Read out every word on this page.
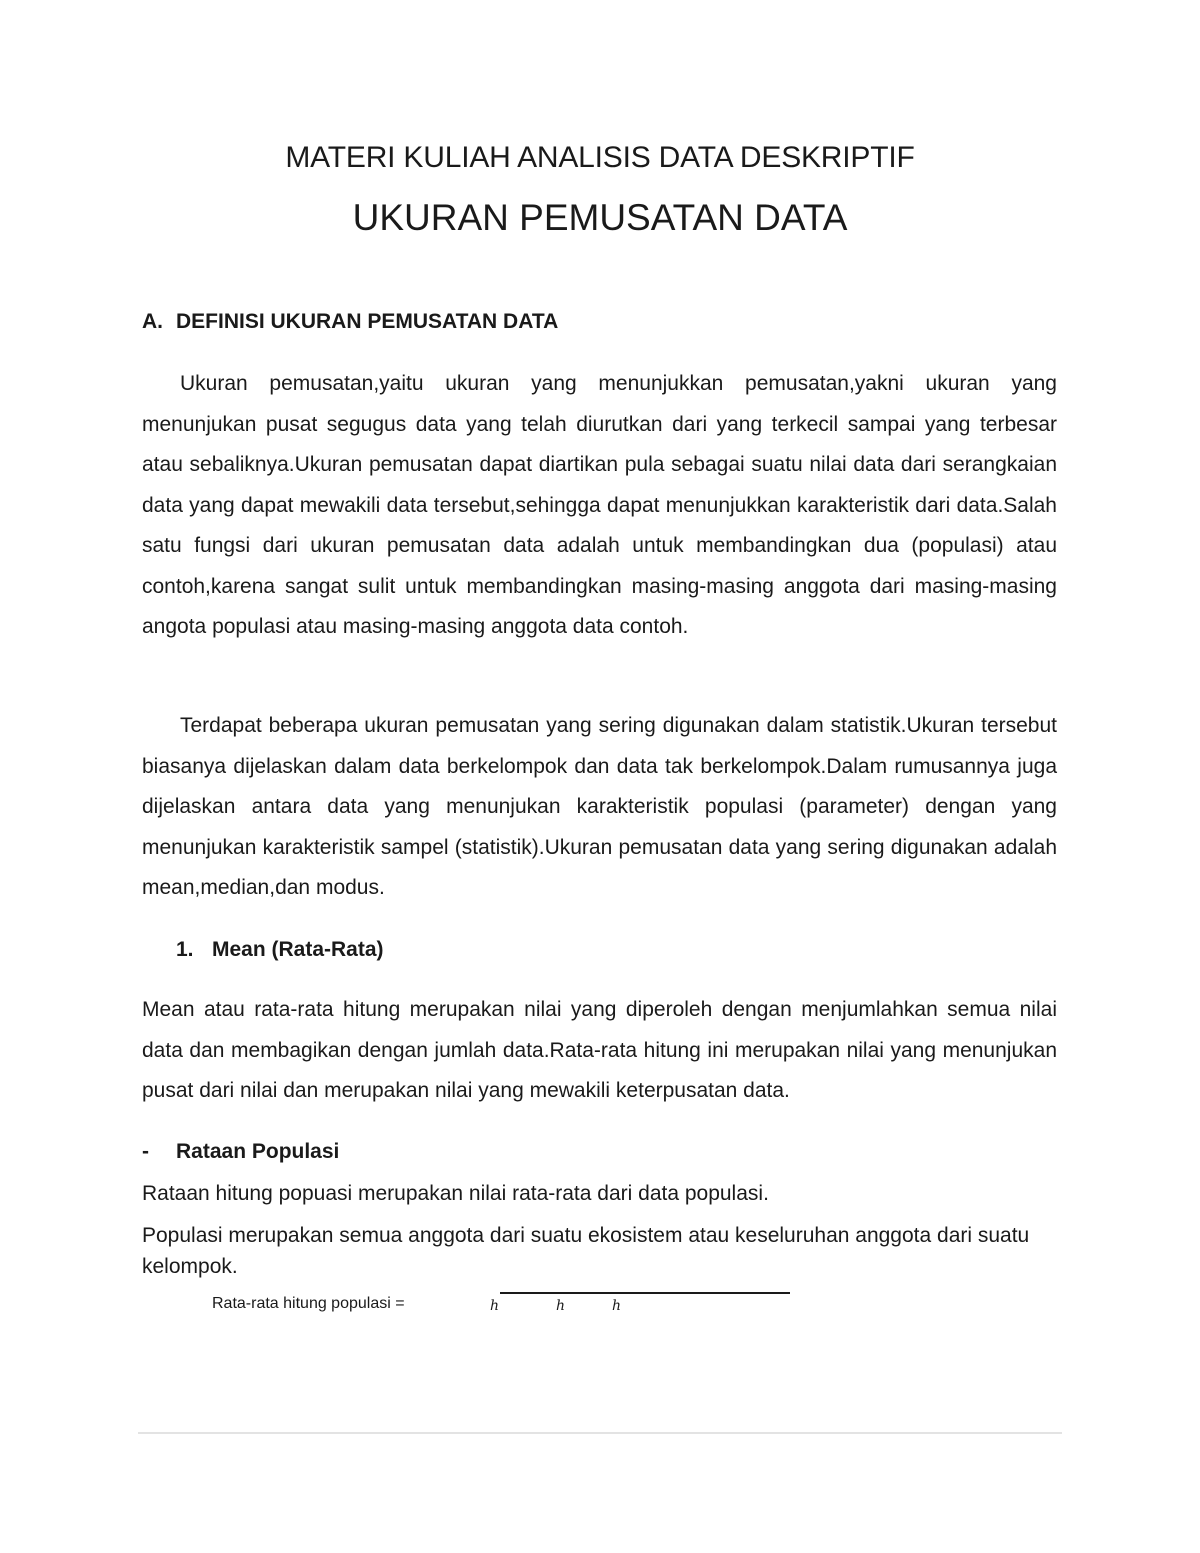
MATERI KULIAH ANALISIS DATA DESKRIPTIF
UKURAN PEMUSATAN DATA
A. DEFINISI UKURAN PEMUSATAN DATA

Ukuran pemusatan,yaitu ukuran yang menunjukkan pemusatan,yakni ukuran yang menunjukan pusat segugus data yang telah diurutkan dari yang terkecil sampai yang terbesar atau sebaliknya.Ukuran pemusatan dapat diartikan pula sebagai suatu nilai data dari serangkaian data yang dapat mewakili data tersebut,sehingga dapat menunjukkan karakteristik dari data.Salah satu fungsi dari ukuran pemusatan data adalah untuk membandingkan dua (populasi) atau contoh,karena sangat sulit untuk membandingkan masing-masing anggota dari masing-masing angota populasi atau masing-masing anggota data contoh.

Terdapat beberapa ukuran pemusatan yang sering digunakan dalam statistik.Ukuran tersebut biasanya dijelaskan dalam data berkelompok dan data tak berkelompok.Dalam rumusannya juga dijelaskan antara data yang menunjukan karakteristik populasi (parameter) dengan yang menunjukan karakteristik sampel (statistik).Ukuran pemusatan data yang sering digunakan adalah mean,median,dan modus.

1. Mean (Rata-Rata)

Mean atau rata-rata hitung merupakan nilai yang diperoleh dengan menjumlahkan semua nilai data dan membagikan dengan jumlah data.Rata-rata hitung ini merupakan nilai yang menunjukan pusat dari nilai dan merupakan nilai yang mewakili keterpusatan data.

- Rataan Populasi

Rataan hitung popuasi merupakan nilai rata-rata dari data populasi.

Populasi merupakan semua anggota dari suatu ekosistem atau keseluruhan anggota dari suatu kelompok.

Rata-rata hitung populasi =	ℎ	ℎ	ℎ
